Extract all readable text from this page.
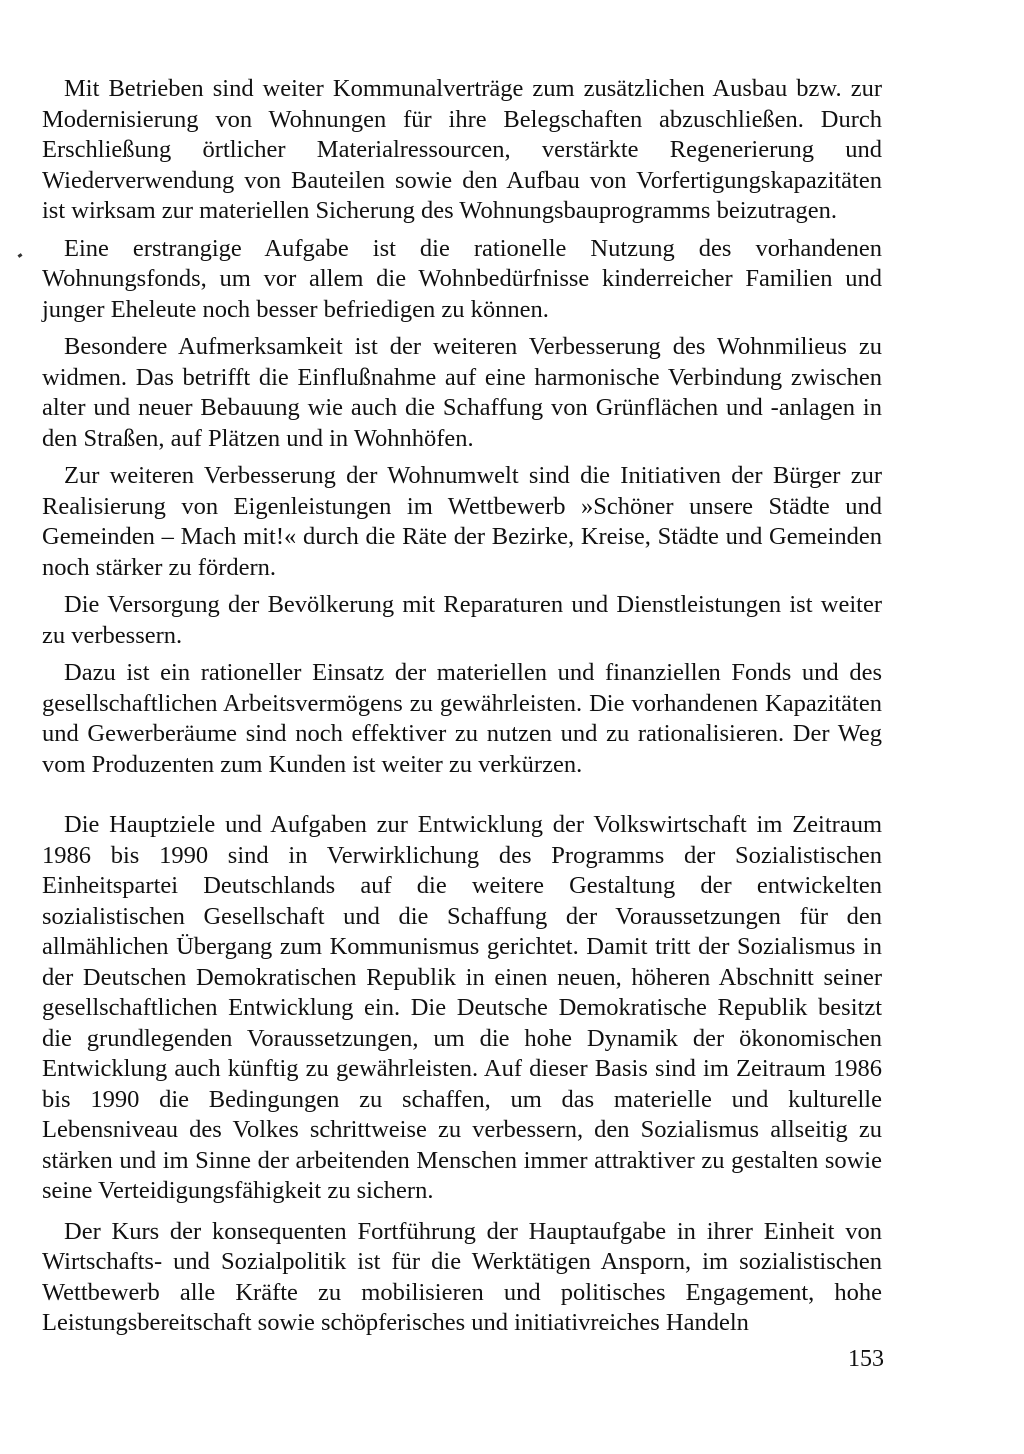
Mit Betrieben sind weiter Kommunalverträge zum zusätzlichen Ausbau bzw. zur Modernisierung von Wohnungen für ihre Belegschaften abzuschließen. Durch Erschließung örtlicher Materialressourcen, verstärkte Regenerierung und Wiederverwendung von Bauteilen sowie den Aufbau von Vorfertigungskapazitäten ist wirksam zur materiellen Sicherung des Wohnungsbauprogramms beizutragen.

Eine erstrangige Aufgabe ist die rationelle Nutzung des vorhandenen Wohnungsfonds, um vor allem die Wohnbedürfnisse kinderreicher Familien und junger Eheleute noch besser befriedigen zu können.

Besondere Aufmerksamkeit ist der weiteren Verbesserung des Wohnmilieus zu widmen. Das betrifft die Einflußnahme auf eine harmonische Verbindung zwischen alter und neuer Bebauung wie auch die Schaffung von Grünflächen und -anlagen in den Straßen, auf Plätzen und in Wohnhöfen.

Zur weiteren Verbesserung der Wohnumwelt sind die Initiativen der Bürger zur Realisierung von Eigenleistungen im Wettbewerb »Schöner unsere Städte und Gemeinden – Mach mit!« durch die Räte der Bezirke, Kreise, Städte und Gemeinden noch stärker zu fördern.

Die Versorgung der Bevölkerung mit Reparaturen und Dienstleistungen ist weiter zu verbessern.

Dazu ist ein rationeller Einsatz der materiellen und finanziellen Fonds und des gesellschaftlichen Arbeitsvermögens zu gewährleisten. Die vorhandenen Kapazitäten und Gewerberäume sind noch effektiver zu nutzen und zu rationalisieren. Der Weg vom Produzenten zum Kunden ist weiter zu verkürzen.

Die Hauptziele und Aufgaben zur Entwicklung der Volkswirtschaft im Zeitraum 1986 bis 1990 sind in Verwirklichung des Programms der Sozialistischen Einheitspartei Deutschlands auf die weitere Gestaltung der entwickelten sozialistischen Gesellschaft und die Schaffung der Voraussetzungen für den allmählichen Übergang zum Kommunismus gerichtet. Damit tritt der Sozialismus in der Deutschen Demokratischen Republik in einen neuen, höheren Abschnitt seiner gesellschaftlichen Entwicklung ein. Die Deutsche Demokratische Republik besitzt die grundlegenden Voraussetzungen, um die hohe Dynamik der ökonomischen Entwicklung auch künftig zu gewährleisten. Auf dieser Basis sind im Zeitraum 1986 bis 1990 die Bedingungen zu schaffen, um das materielle und kulturelle Lebensniveau des Volkes schrittweise zu verbessern, den Sozialismus allseitig zu stärken und im Sinne der arbeitenden Menschen immer attraktiver zu gestalten sowie seine Verteidigungsfähigkeit zu sichern.

Der Kurs der konsequenten Fortführung der Hauptaufgabe in ihrer Einheit von Wirtschafts- und Sozialpolitik ist für die Werktätigen Ansporn, im sozialistischen Wettbewerb alle Kräfte zu mobilisieren und politisches Engagement, hohe Leistungsbereitschaft sowie schöpferisches und initiativreiches Handeln

153
